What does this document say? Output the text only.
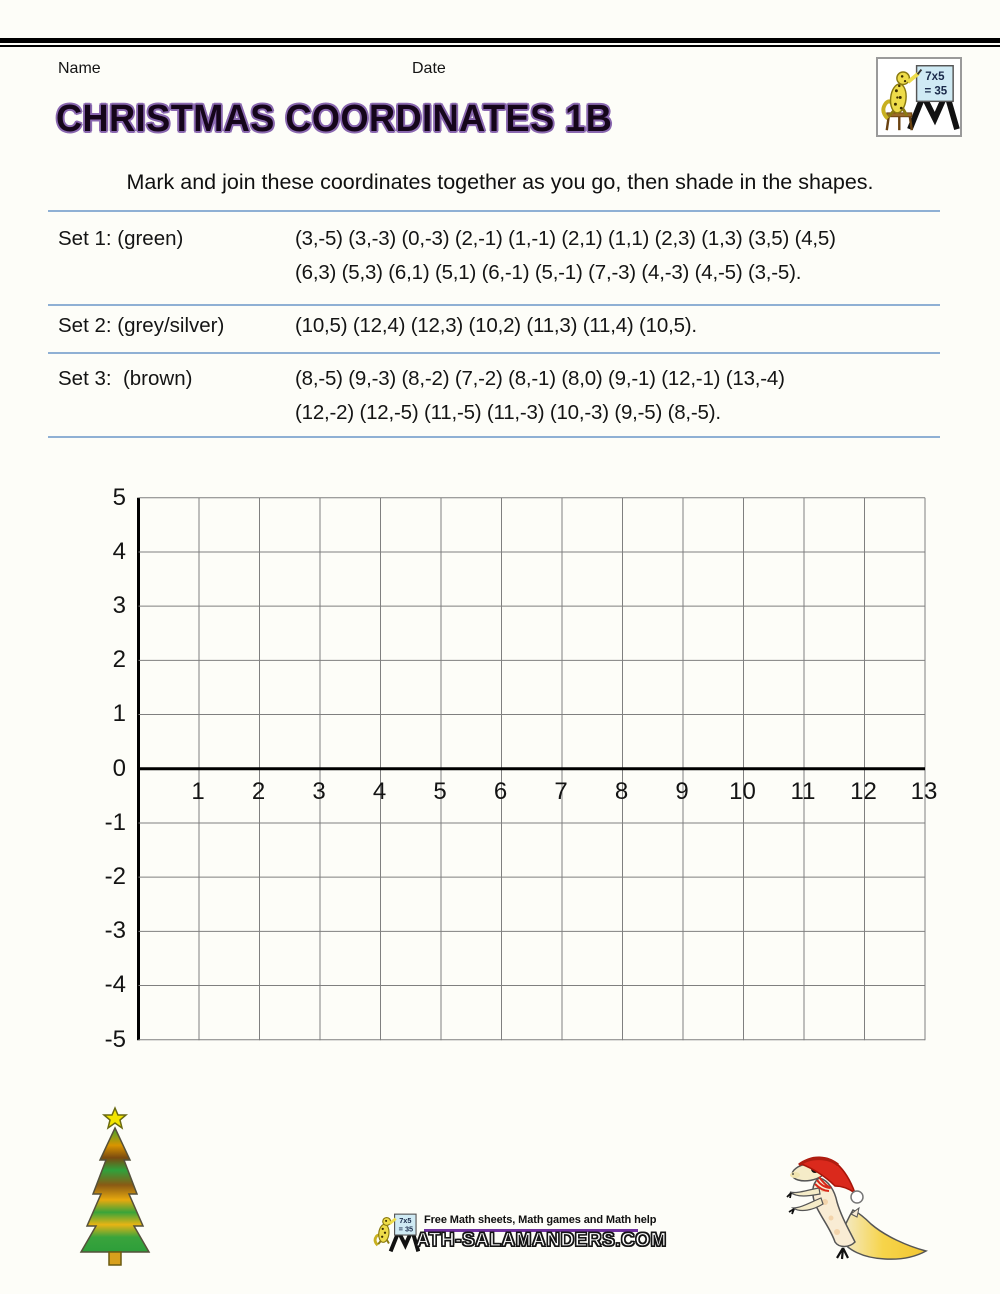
Name	Date
7x5
= 35
CHRISTMAS COORDINATES 1B
Mark and join these coordinates together as you go, then shade in the shapes.
Set 1: (green)	(3,-5) (3,-3) (0,-3) (2,-1) (1,-1) (2,1) (1,1) (2,3) (1,3) (3,5) (4,5)
(6,3) (5,3) (6,1) (5,1) (6,-1) (5,-1) (7,-3) (4,-3) (4,-5) (3,-5).
Set 2: (grey/silver)	(10,5) (12,4) (12,3) (10,2) (11,3) (11,4) (10,5).
Set 3:  (brown)	(8,-5) (9,-3) (8,-2) (7,-2) (8,-1) (8,0) (9,-1) (12,-1) (13,-4)
(12,-2) (12,-5) (11,-5) (11,-3) (10,-3) (9,-5) (8,-5).
7x5
= 35
Free Math sheets, Math games and Math help
ATH-SALAMANDERS.COM
5
4
3
2
1
0
-1
-2
-3
-4
-5
1	2	3	4	5	6	7	8	9	10	11	12 13
